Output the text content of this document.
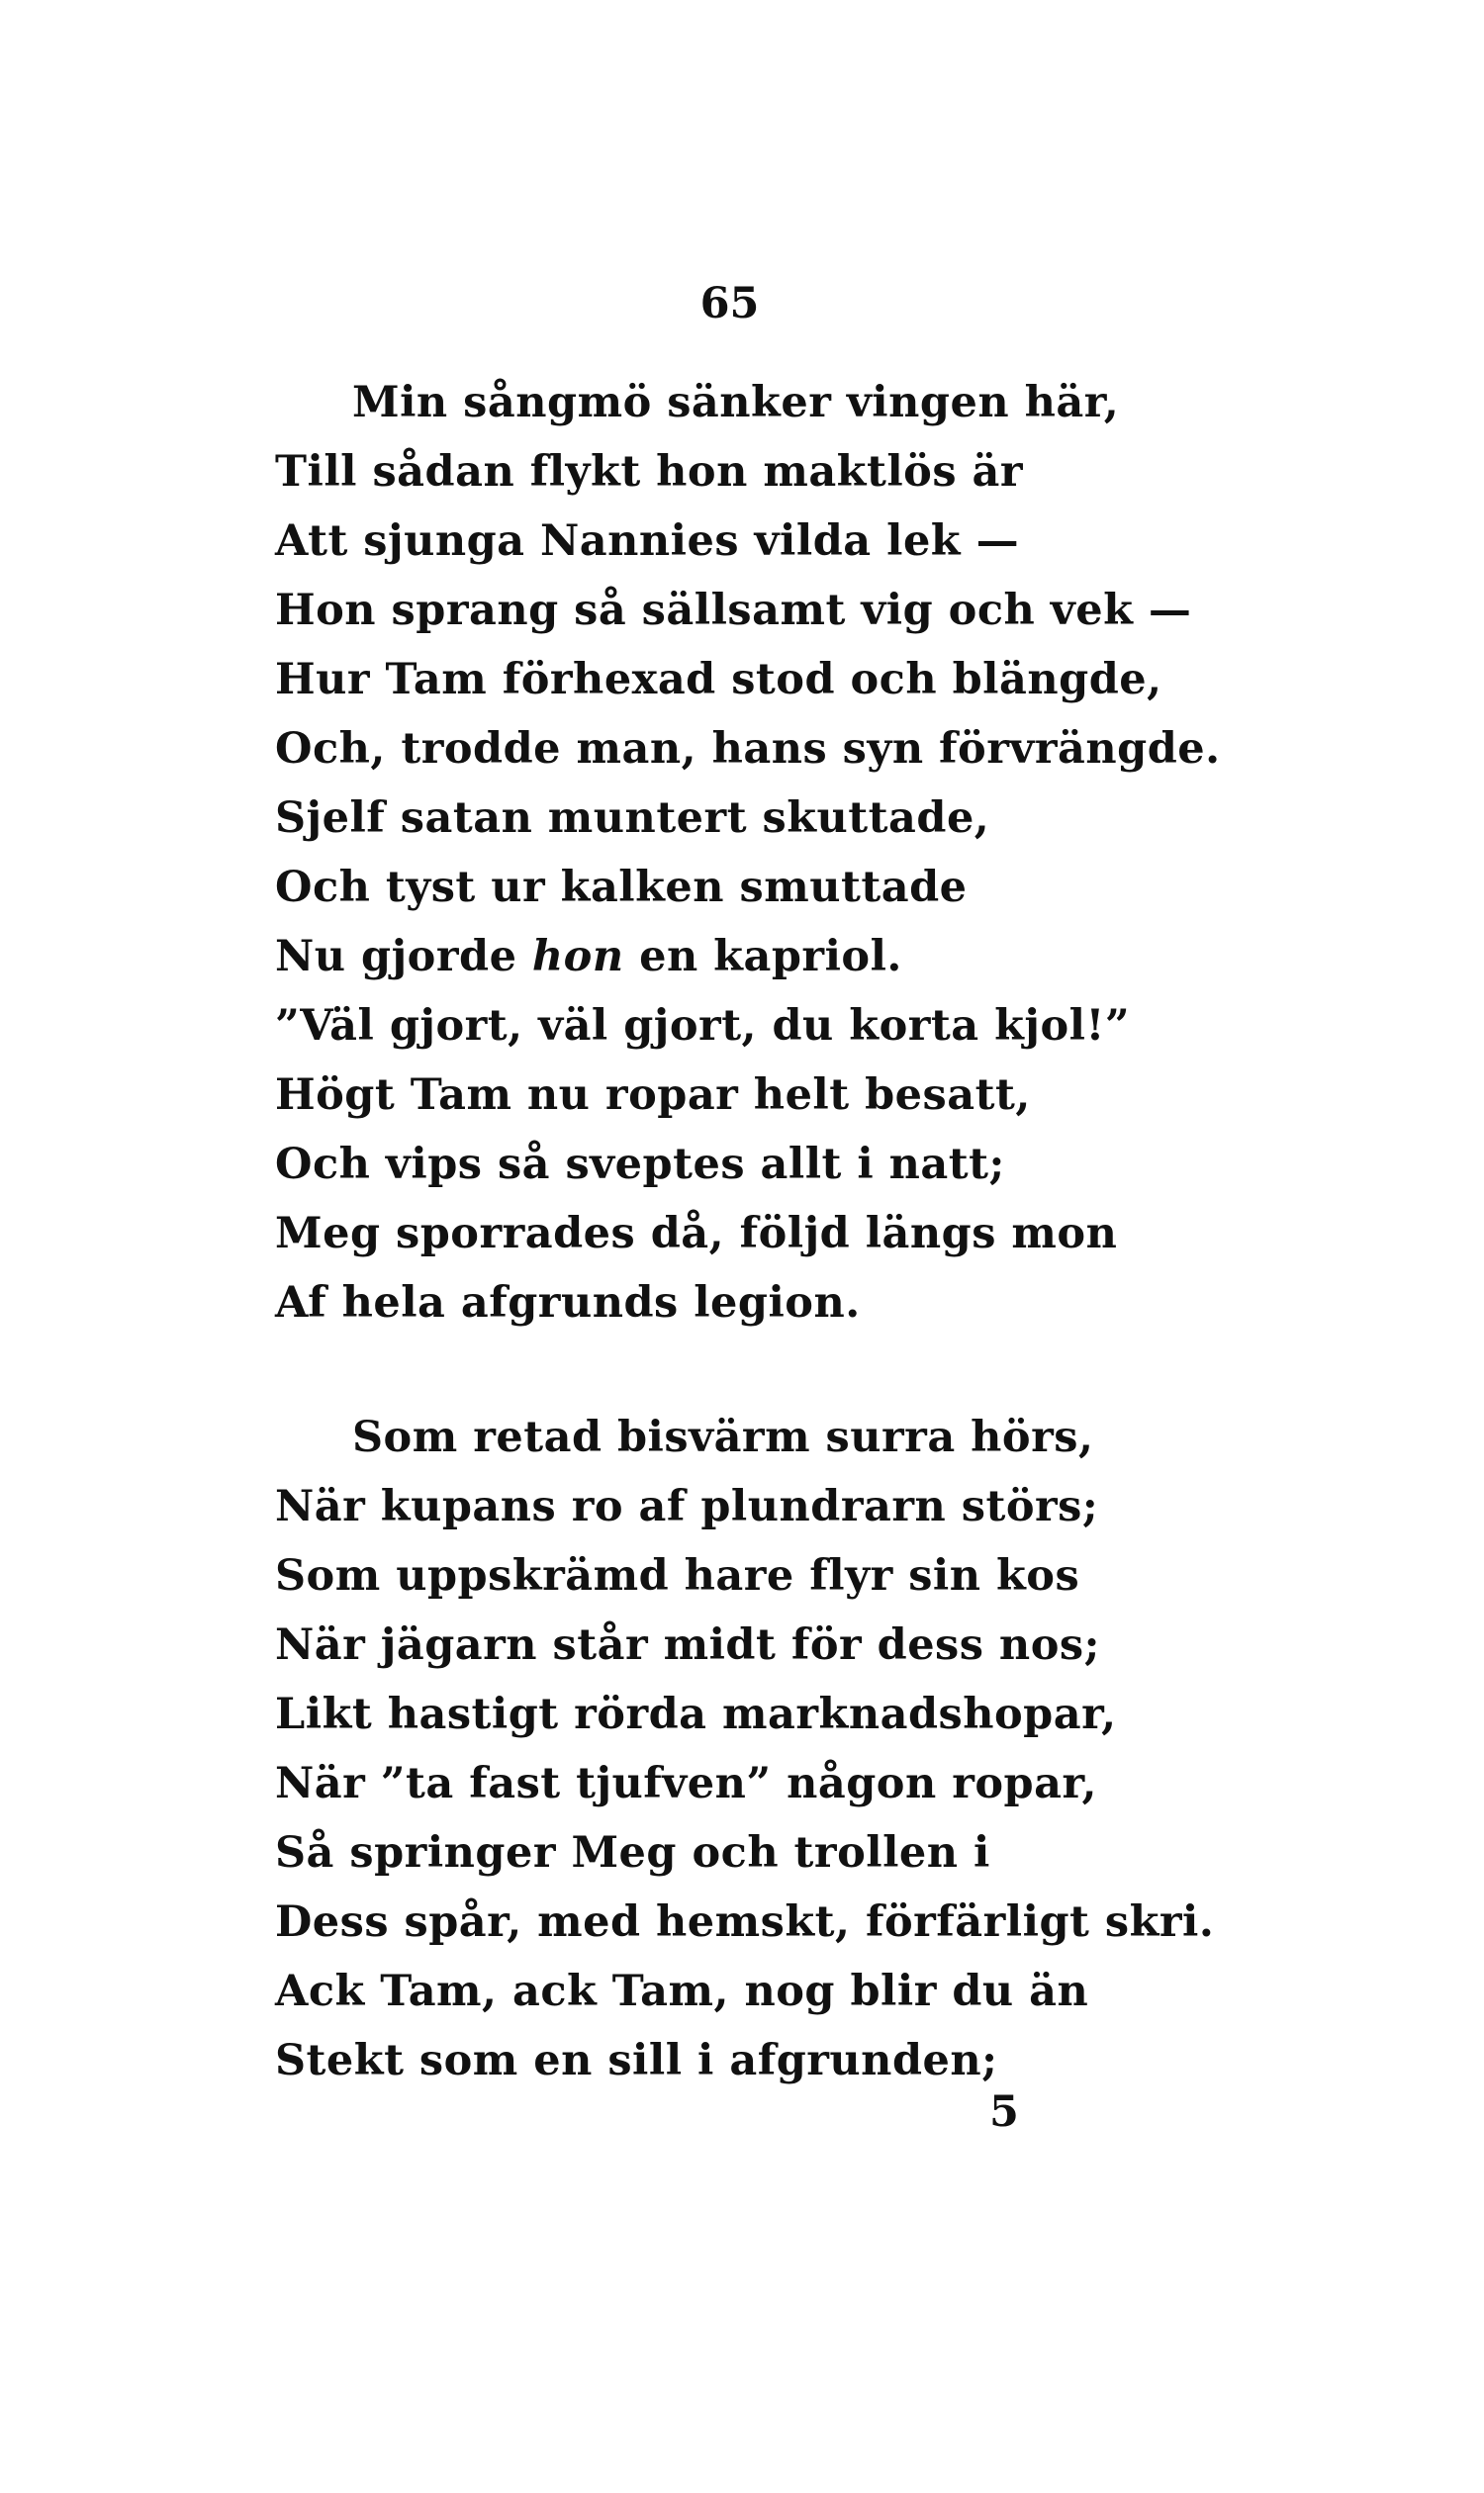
65
Min sångmö sänker vingen här,
Till sådan flykt hon maktlös är
Att sjunga Nannies vilda lek —
Hon sprang så sällsamt vig och vek —
Hur Tam förhexad stod och blängde,
Och, trodde man, hans syn förvrängde.
Sjelf satan muntert skuttade,
Och tyst ur kalken smuttade
Nu gjorde hon en kapriol.
”Väl gjort, väl gjort, du korta kjol!”
Högt Tam nu ropar helt besatt,
Och vips så sveptes allt i natt;
Meg sporrades då, följd längs mon
Af hela afgrunds legion.
Som retad bisvärm surra hörs,
När kupans ro af plundrarn störs;
Som uppskrämd hare flyr sin kos
När jägarn står midt för dess nos;
Likt hastigt rörda marknadshopar,
När ”ta fast tjufven” någon ropar,
Så springer Meg och trollen i
Dess spår, med hemskt, förfärligt skri.
Ack Tam, ack Tam, nog blir du än
Stekt som en sill i afgrunden;
5
